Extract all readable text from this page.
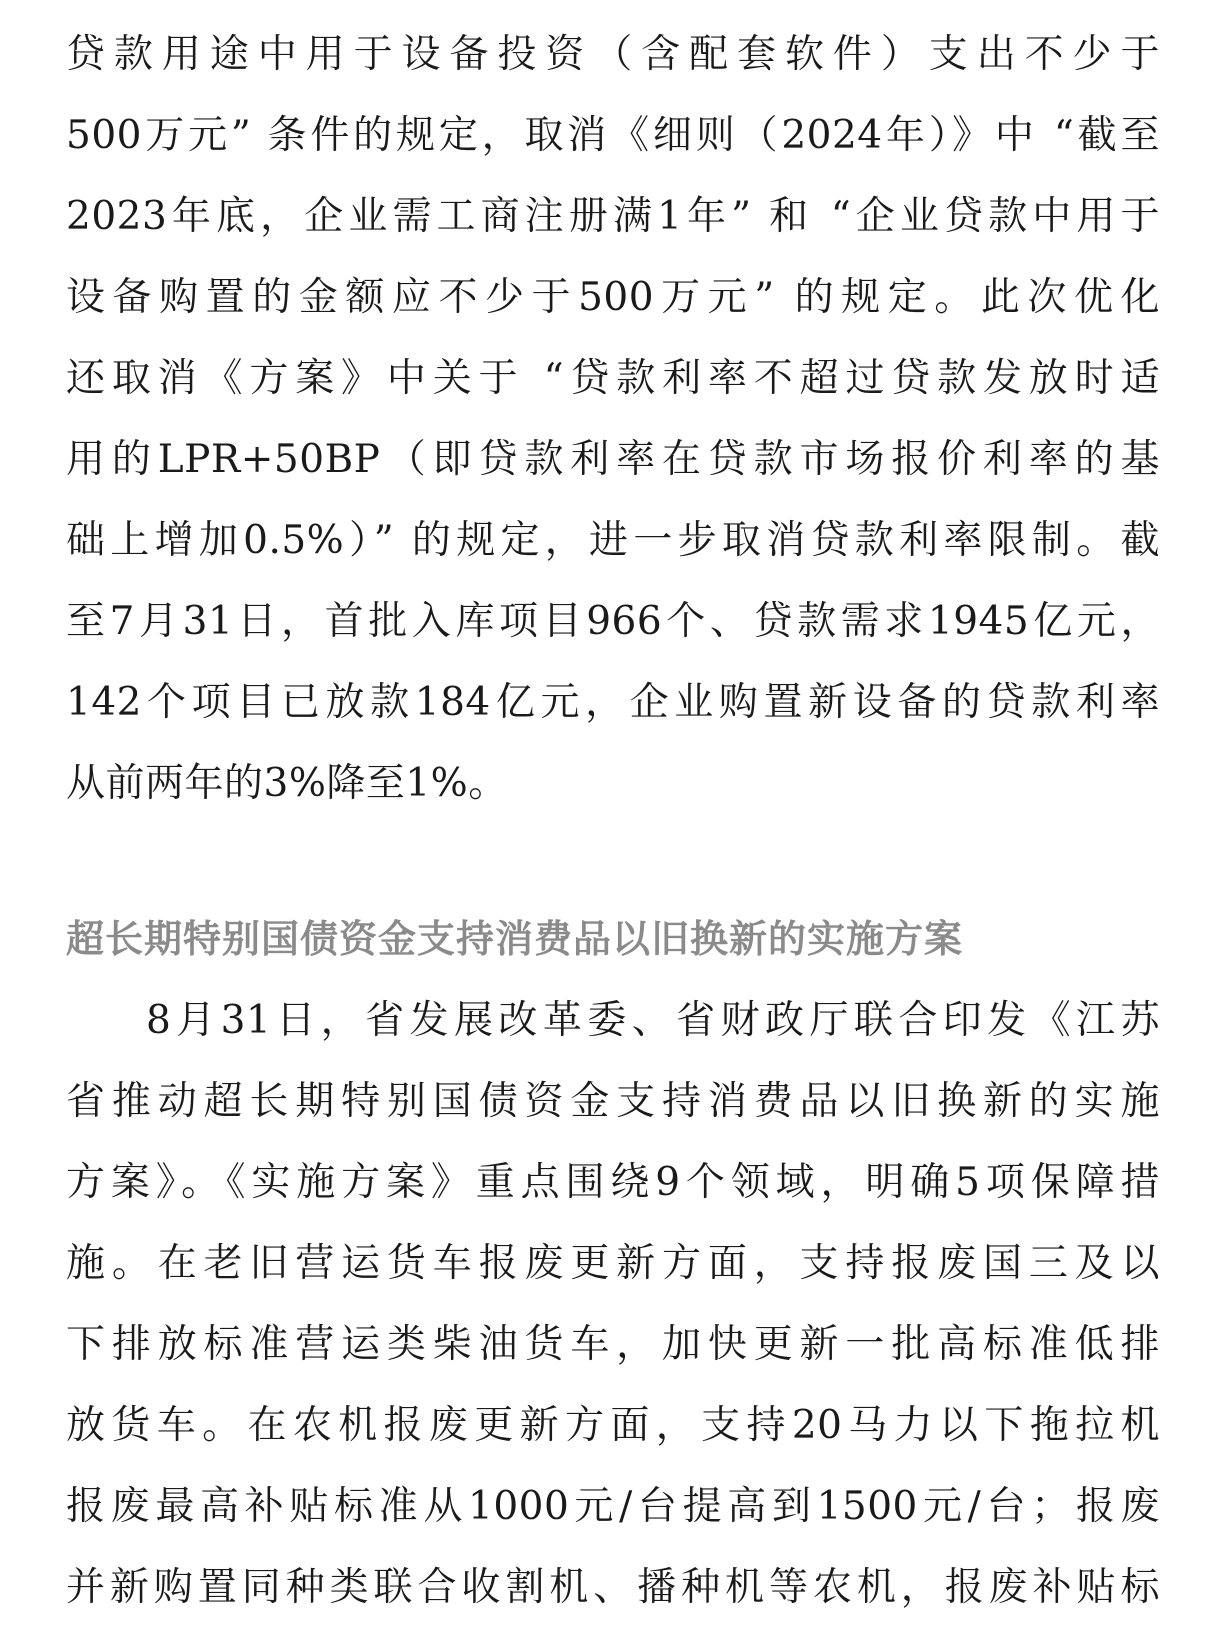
贷款用途中用于设备投资（含配套软件）支出不少于
500万元” 条件的规定，取消《细则（2024年）》中 “截至
2023年底，企业需工商注册满1年” 和 “企业贷款中用于
设备购置的金额应不少于500万元” 的规定。此次优化
还取消《方案》中关于 “贷款利率不超过贷款发放时适
用的LPR+50BP（即贷款利率在贷款市场报价利率的基
础上增加0.5%）” 的规定，进一步取消贷款利率限制。截
至7月31日，首批入库项目966个、贷款需求1945亿元，
142个项目已放款184亿元，企业购置新设备的贷款利率
从前两年的3%降至1%。
超长期特别国债资金支持消费品以旧换新的实施方案
8月31日，省发展改革委、省财政厅联合印发《江苏
省推动超长期特别国债资金支持消费品以旧换新的实施
方案》。《实施方案》重点围绕9个领域，明确5项保障措
施。在老旧营运货车报废更新方面，支持报废国三及以
下排放标准营运类柴油货车，加快更新一批高标准低排
放货车。在农机报废更新方面，支持20马力以下拖拉机
报废最高补贴标准从1000元/台提高到1500元/台；报废
并新购置同种类联合收割机、播种机等农机，报废补贴标
